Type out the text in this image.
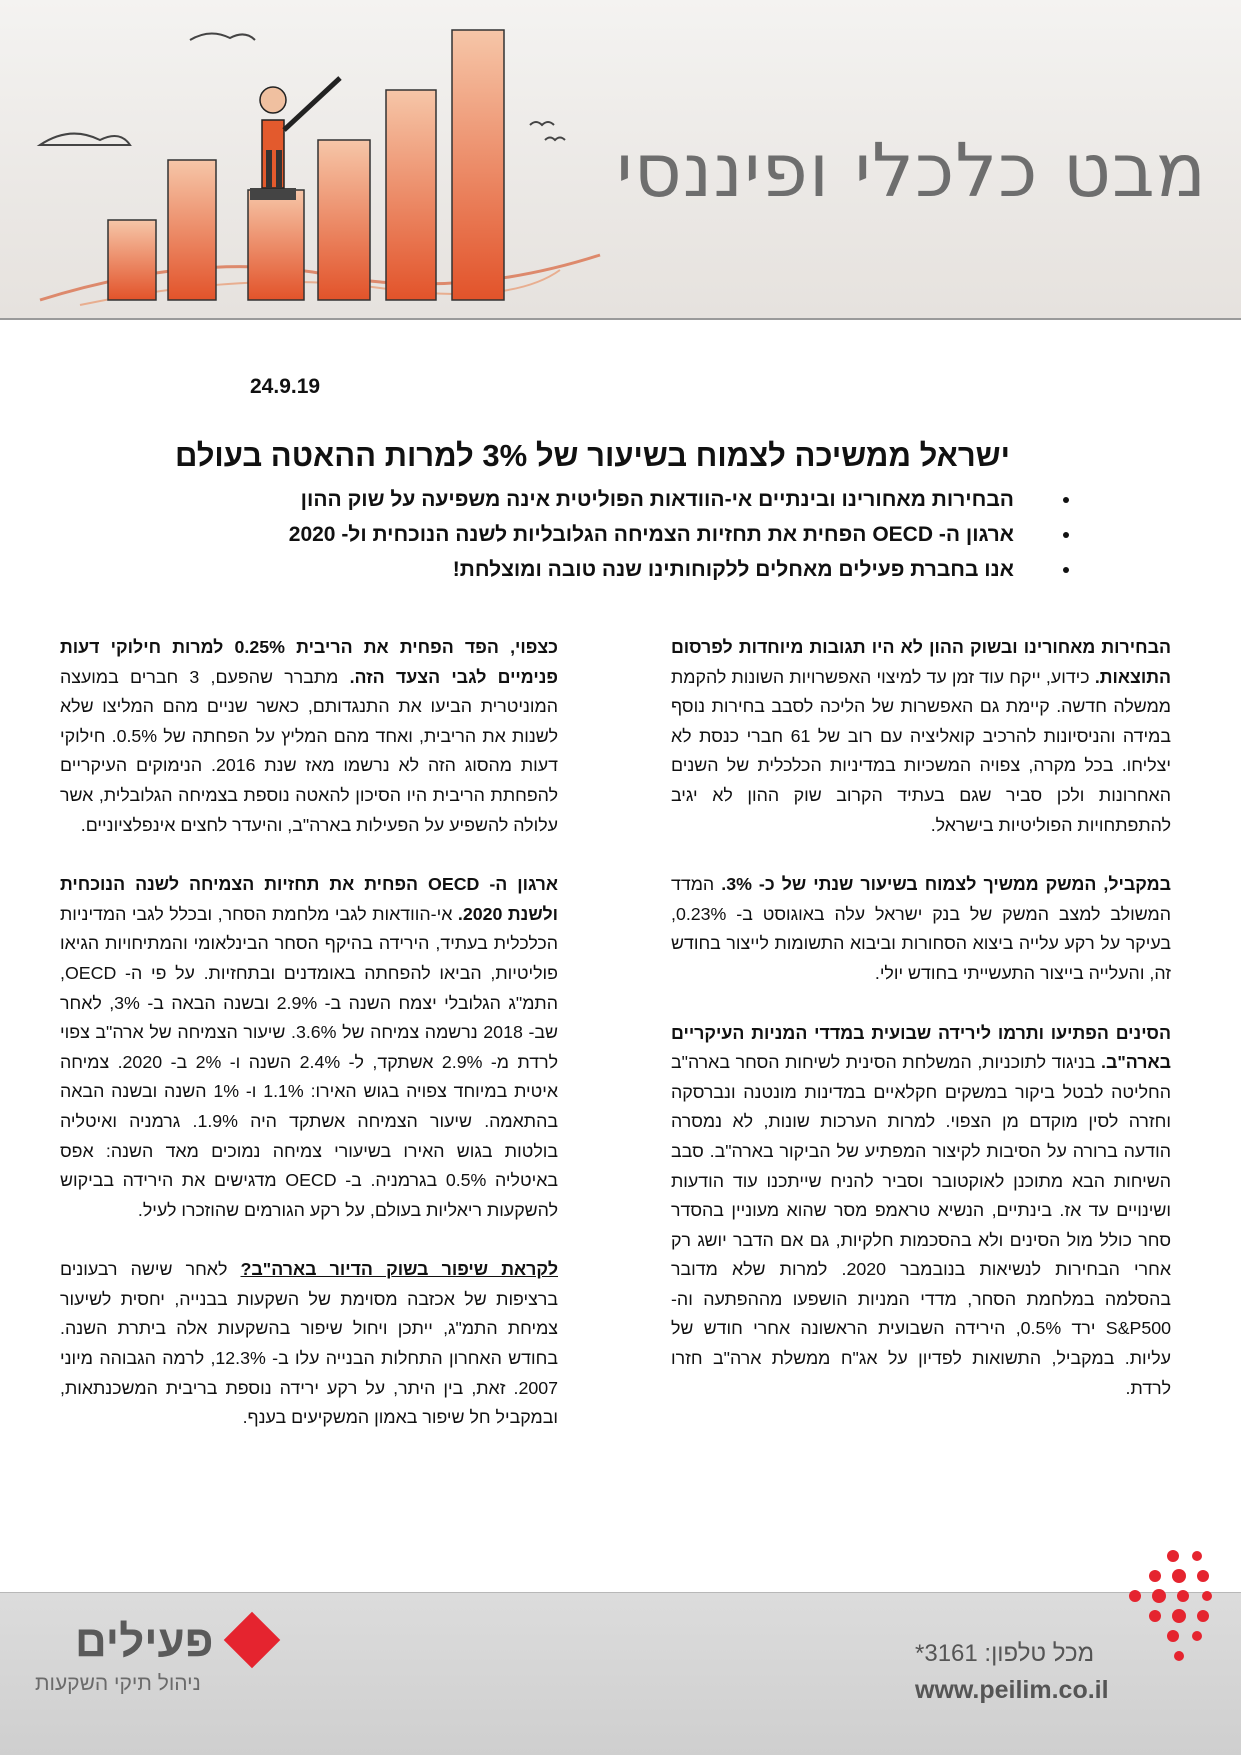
מבט כלכלי ופיננסי
24.9.19
ישראל ממשיכה לצמוח בשיעור של 3% למרות ההאטה בעולם
• הבחירות מאחורינו ובינתיים אי-הוודאות הפוליטית אינה משפיעה על שוק ההון
• ארגון ה- OECD הפחית את תחזיות הצמיחה הגלובליות לשנה הנוכחית ול- 2020
• אנו בחברת פעילים מאחלים ללקוחותינו שנה טובה ומוצלחת!

הבחירות מאחורינו ובשוק ההון לא היו תגובות מיוחדות לפרסום התוצאות. כידוע, ייקח עוד זמן עד למיצוי האפשרויות השונות להקמת ממשלה חדשה. קיימת גם האפשרות של הליכה לסבב בחירות נוסף במידה והניסיונות להרכיב קואליציה עם רוב של 61 חברי כנסת לא יצליחו. בכל מקרה, צפויה המשכיות במדיניות הכלכלית של השנים האחרונות ולכן סביר שגם בעתיד הקרוב שוק ההון לא יגיב להתפתחויות הפוליטיות בישראל.

במקביל, המשק ממשיך לצמוח בשיעור שנתי של כ- 3%. המדד המשולב למצב המשק של בנק ישראל עלה באוגוסט ב- 0.23%, בעיקר על רקע עלייה ביצוא הסחורות וביבוא התשומות לייצור בחודש זה, והעלייה בייצור התעשייתי בחודש יולי.

הסינים הפתיעו ותרמו לירידה שבועית במדדי המניות העיקריים בארה"ב. בניגוד לתוכניות, המשלחת הסינית לשיחות הסחר בארה"ב החליטה לבטל ביקור במשקים חקלאיים במדינות מונטנה ונברסקה וחזרה לסין מוקדם מן הצפוי. למרות הערכות שונות, לא נמסרה הודעה ברורה על הסיבות לקיצור המפתיע של הביקור בארה"ב. סבב השיחות הבא מתוכנן לאוקטובר וסביר להניח שייתכנו עוד הודעות ושינויים עד אז. בינתיים, הנשיא טראמפ מסר שהוא מעוניין בהסדר סחר כולל מול הסינים ולא בהסכמות חלקיות, גם אם הדבר יושג רק אחרי הבחירות לנשיאות בנובמבר 2020. למרות שלא מדובר בהסלמה במלחמת הסחר, מדדי המניות הושפעו מההפתעה וה- S&P500 ירד 0.5%, הירידה השבועית הראשונה אחרי חודש של עליות. במקביל, התשואות לפדיון על אג"ח ממשלת ארה"ב חזרו לרדת.

כצפוי, הפד הפחית את הריבית 0.25% למרות חילוקי דעות פנימיים לגבי הצעד הזה. מתברר שהפעם, 3 חברים במועצה המוניטרית הביעו את התנגדותם, כאשר שניים מהם המליצו שלא לשנות את הריבית, ואחד מהם המליץ על הפחתה של 0.5%. חילוקי דעות מהסוג הזה לא נרשמו מאז שנת 2016. הנימוקים העיקריים להפחתת הריבית היו הסיכון להאטה נוספת בצמיחה הגלובלית, אשר עלולה להשפיע על הפעילות בארה"ב, והיעדר לחצים אינפלציוניים.

ארגון ה- OECD הפחית את תחזיות הצמיחה לשנה הנוכחית ולשנת 2020. אי-הוודאות לגבי מלחמת הסחר, ובכלל לגבי המדיניות הכלכלית בעתיד, הירידה בהיקף הסחר הבינלאומי והמתיחויות הגיאו פוליטיות, הביאו להפחתה באומדנים ובתחזיות. על פי ה- OECD, התמ"ג הגלובלי יצמח השנה ב- 2.9% ובשנה הבאה ב- 3%, לאחר שב- 2018 נרשמה צמיחה של 3.6%. שיעור הצמיחה של ארה"ב צפוי לרדת מ- 2.9% אשתקד, ל- 2.4% השנה ו- 2% ב- 2020. צמיחה איטית במיוחד צפויה בגוש האירו: 1.1% ו- 1% השנה ובשנה הבאה בהתאמה. שיעור הצמיחה אשתקד היה 1.9%. גרמניה ואיטליה בולטות בגוש האירו בשיעורי צמיחה נמוכים מאד השנה: אפס באיטליה 0.5% בגרמניה. ב- OECD מדגישים את הירידה בביקוש להשקעות ריאליות בעולם, על רקע הגורמים שהוזכרו לעיל.

לקראת שיפור בשוק הדיור בארה"ב? לאחר שישה רבעונים ברציפות של אכזבה מסוימת של השקעות בבנייה, יחסית לשיעור צמיחת התמ"ג, ייתכן ויחול שיפור בהשקעות אלה ביתרת השנה. בחודש האחרון התחלות הבנייה עלו ב- 12.3%, לרמה הגבוהה מיוני 2007. זאת, בין היתר, על רקע ירידה נוספת בריבית המשכנתאות, ובמקביל חל שיפור באמון המשקיעים בענף.

פעילים
ניהול תיקי השקעות
מכל טלפון: 3161*
www.peilim.co.il
